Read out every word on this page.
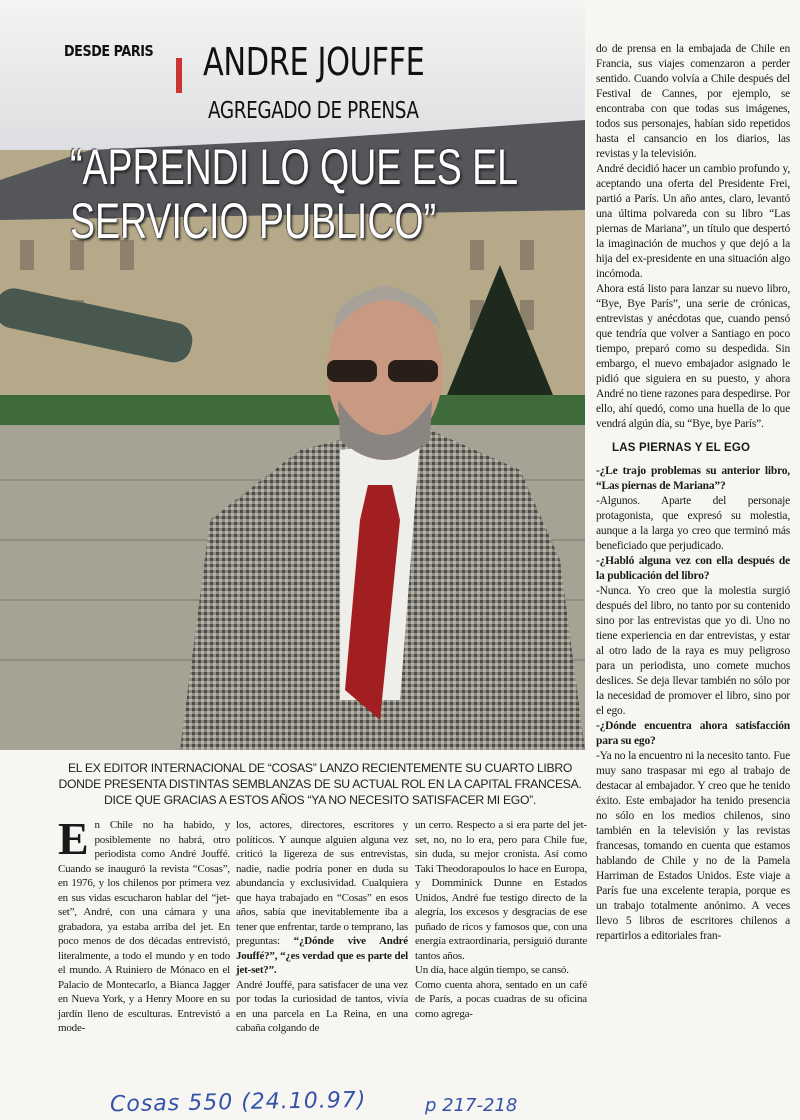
DESDE PARIS ANDRE JOUFFE
AGREGADO DE PRENSA
“APRENDI LO QUE ES EL SERVICIO PUBLICO”
EL EX EDITOR INTERNACIONAL DE “COSAS” LANZO RECIENTEMENTE SU CUARTO LIBRO DONDE PRESENTA DISTINTAS SEMBLANZAS DE SU ACTUAL ROL EN LA CAPITAL FRANCESA. DICE QUE GRACIAS A ESTOS AÑOS “YA NO NECESITO SATISFACER MI EGO”.
E n Chile no ha habido, y posiblemente no habrá, otro periodista como André Jouffé. Cuando se inauguró la revista “Cosas”, en 1976, y los chilenos por primera vez en sus vidas escucharon hablar del “jet-set”, André, con una cámara y una grabadora, ya estaba arriba del jet. En poco menos de dos décadas entrevistó, literalmente, a todo el mundo y en todo el mundo. A Ruiniero de Mónaco en el Palacio de Montecarlo, a Bianca Jagger en Nueva York, y a Henry Moore en su jardín lleno de esculturas. Entrevistó a mode-

los, actores, directores, escritores y políticos. Y aunque alguien alguna vez criticó la ligereza de sus entrevistas, nadie, nadie podría poner en duda su abundancia y exclusividad. Cualquiera que haya trabajado en “Cosas” en esos años, sabía que inevitablemente iba a tener que enfrentar, tarde o temprano, las preguntas: “¿Dónde vive André Jouffé?”, “¿es verdad que es parte del jet-set?”.

André Jouffé, para satisfacer de una vez por todas la curiosidad de tantos, vivía en una parcela en La Reina, en una cabaña colgando de

un cerro. Respecto a si era parte del jet-set, no, no lo era, pero para Chile fue, sin duda, su mejor cronista. Así como Taki Theodorapoulos lo hace en Europa, y Domminick Dunne en Estados Unidos, André fue testigo directo de la alegría, los excesos y desgracias de ese puñado de ricos y famosos que, con una energía extraordinaria, persiguió durante tantos años.

Un día, hace algún tiempo, se cansó.

Como cuenta ahora, sentado en un café de París, a pocas cuadras de su oficina como agrega-

do de prensa en la embajada de Chile en Francia, sus viajes comenzaron a perder sentido. Cuando volvía a Chile después del Festival de Cannes, por ejemplo, se encontraba con que todas sus imágenes, todos sus personajes, habían sido repetidos hasta el cansancio en los diarios, las revistas y la televisión.

André decidió hacer un cambio profundo y, aceptando una oferta del Presidente Frei, partió a París. Un año antes, claro, levantó una última polvareda con su libro “Las piernas de Mariana”, un título que despertó la imaginación de muchos y que dejó a la hija del ex-presidente en una situación algo incómoda.

Ahora está listo para lanzar su nuevo libro, “Bye, Bye París”, una serie de crónicas, entrevistas y anécdotas que, cuando pensó que tendría que volver a Santiago en poco tiempo, preparó como su despedida. Sin embargo, el nuevo embajador asignado le pidió que siguiera en su puesto, y ahora André no tiene razones para despedirse. Por ello, ahí quedó, como una huella de lo que vendrá algún día, su “Bye, bye París”.

LAS PIERNAS Y EL EGO

-¿Le trajo problemas su anterior libro, “Las piernas de Mariana”?

-Algunos. Aparte del personaje protagonista, que expresó su molestia, aunque a la larga yo creo que terminó más beneficiado que perjudicado.

-¿Habló alguna vez con ella después de la publicación del libro?

-Nunca. Yo creo que la molestia surgió después del libro, no tanto por su contenido sino por las entrevistas que yo di. Uno no tiene experiencia en dar entrevistas, y estar al otro lado de la raya es muy peligroso para un periodista, uno comete muchos deslices. Se deja llevar también no sólo por la necesidad de promover el libro, sino por el ego.

-¿Dónde encuentra ahora satisfacción para su ego?

-Ya no la encuentro ni la necesito tanto. Fue muy sano traspasar mi ego al trabajo de destacar al embajador. Y creo que he tenido éxito. Este embajador ha tenido presencia no sólo en los medios chilenos, sino también en la televisión y las revistas francesas, tomando en cuenta que estamos hablando de Chile y no de la Pamela Harriman de Estados Unidos. Este viaje a París fue una excelente terapia, porque es un trabajo totalmente anónimo. A veces llevo 5 libros de escritores chilenos a repartirlos a editoriales fran-

Cosas 550 (24.10.97)	p 217-218
